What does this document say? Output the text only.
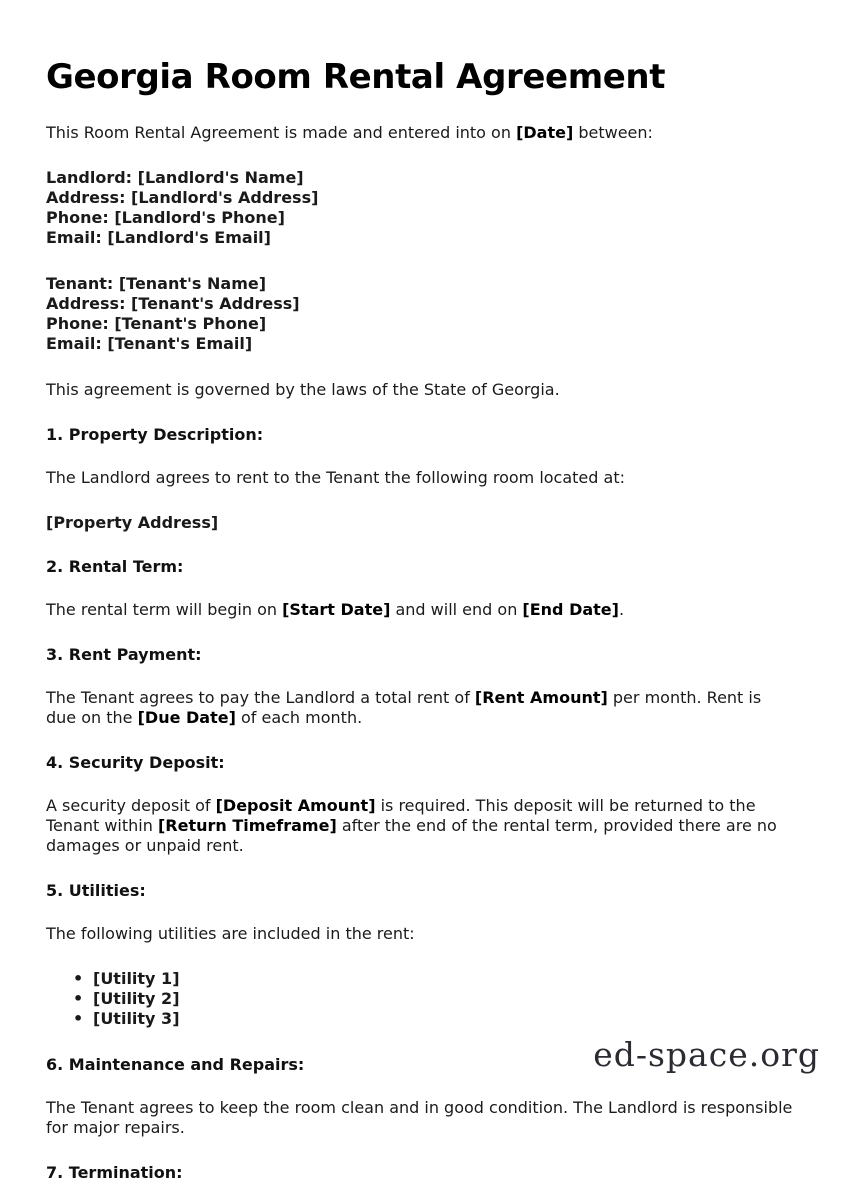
Georgia Room Rental Agreement

This Room Rental Agreement is made and entered into on [Date] between:

Landlord: [Landlord's Name]
Address: [Landlord's Address]
Phone: [Landlord's Phone]
Email: [Landlord's Email]
Tenant: [Tenant's Name]
Address: [Tenant's Address]
Phone: [Tenant's Phone]
Email: [Tenant's Email]

This agreement is governed by the laws of the State of Georgia.

1. Property Description:

The Landlord agrees to rent to the Tenant the following room located at:

[Property Address]

2. Rental Term:

The rental term will begin on [Start Date] and will end on [End Date].

3. Rent Payment:

The Tenant agrees to pay the Landlord a total rent of [Rent Amount] per month. Rent is due on the [Due Date] of each month.

4. Security Deposit:

A security deposit of [Deposit Amount] is required. This deposit will be returned to the Tenant within [Return Timeframe] after the end of the rental term, provided there are no damages or unpaid rent.

5. Utilities:

The following utilities are included in the rent:

• [Utility 1]
• [Utility 2]
• [Utility 3]
6. Maintenance and Repairs:

The Tenant agrees to keep the room clean and in good condition. The Landlord is responsible for major repairs.

7. Termination:
ed-space.org
